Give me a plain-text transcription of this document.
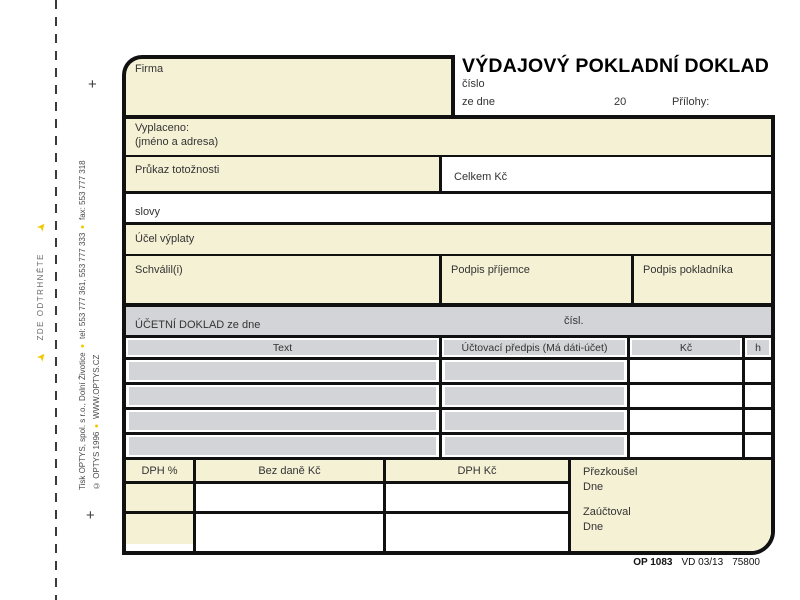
➤
ZDE ODTRHNĚTE
➤
+
+
Tisk OPTYS, spol. s r.o., Dolní Životice
●
tel: 553 777 361, 553 777 333
●
fax: 553 777 318
© OPTYS 1996
●
WWW.OPTYS.CZ
Firma	VÝDAJOVÝ POKLADNÍ DOKLAD
číslo
ze dne	20	Přílohy:
Vyplaceno:
(jméno a adresa)
Průkaz totožnosti
Celkem Kč
slovy
Účel výplaty
Schválil(i)	Podpis příjemce	Podpis pokladníka
ÚČETNÍ DOKLAD ze dne	čísl.
Text	Účtovací předpis (Má dáti-účet)	Kč	h
DPH %	Bez daně Kč	DPH Kč	Přezkoušel
Dne
Zaúčtoval
Dne
OP 1083 VD 03/13 75800
